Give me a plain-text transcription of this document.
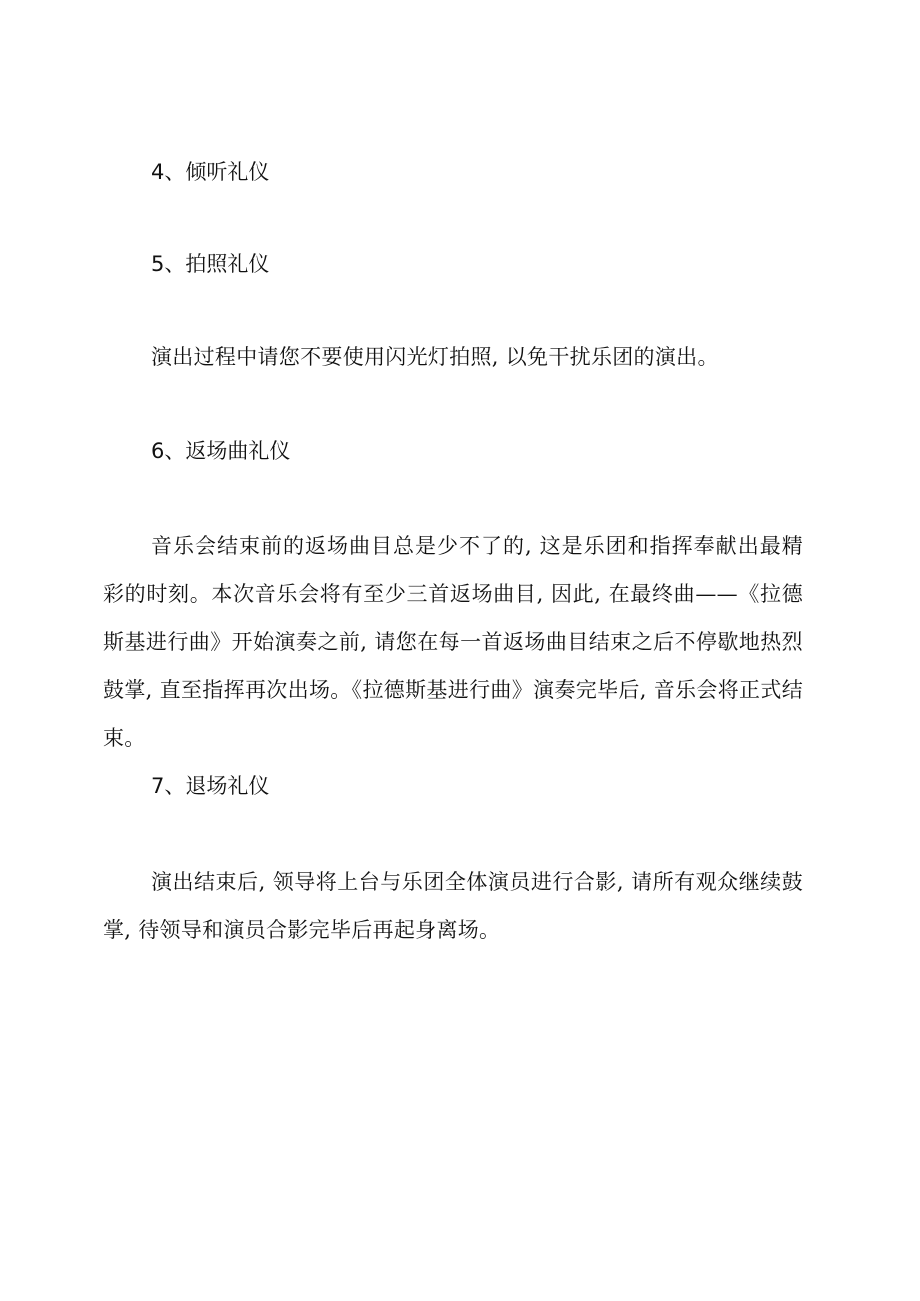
4、倾听礼仪
5、拍照礼仪
演出过程中请您不要使用闪光灯拍照, 以免干扰乐团的演出。
6、返场曲礼仪
音乐会结束前的返场曲目总是少不了的, 这是乐团和指挥奉献出最精彩的时刻。本次音乐会将有至少三首返场曲目, 因此, 在最终曲——《拉德斯基进行曲》开始演奏之前, 请您在每一首返场曲目结束之后不停歇地热烈鼓掌, 直至指挥再次出场。《拉德斯基进行曲》演奏完毕后, 音乐会将正式结束。
7、退场礼仪
演出结束后, 领导将上台与乐团全体演员进行合影, 请所有观众继续鼓掌, 待领导和演员合影完毕后再起身离场。
